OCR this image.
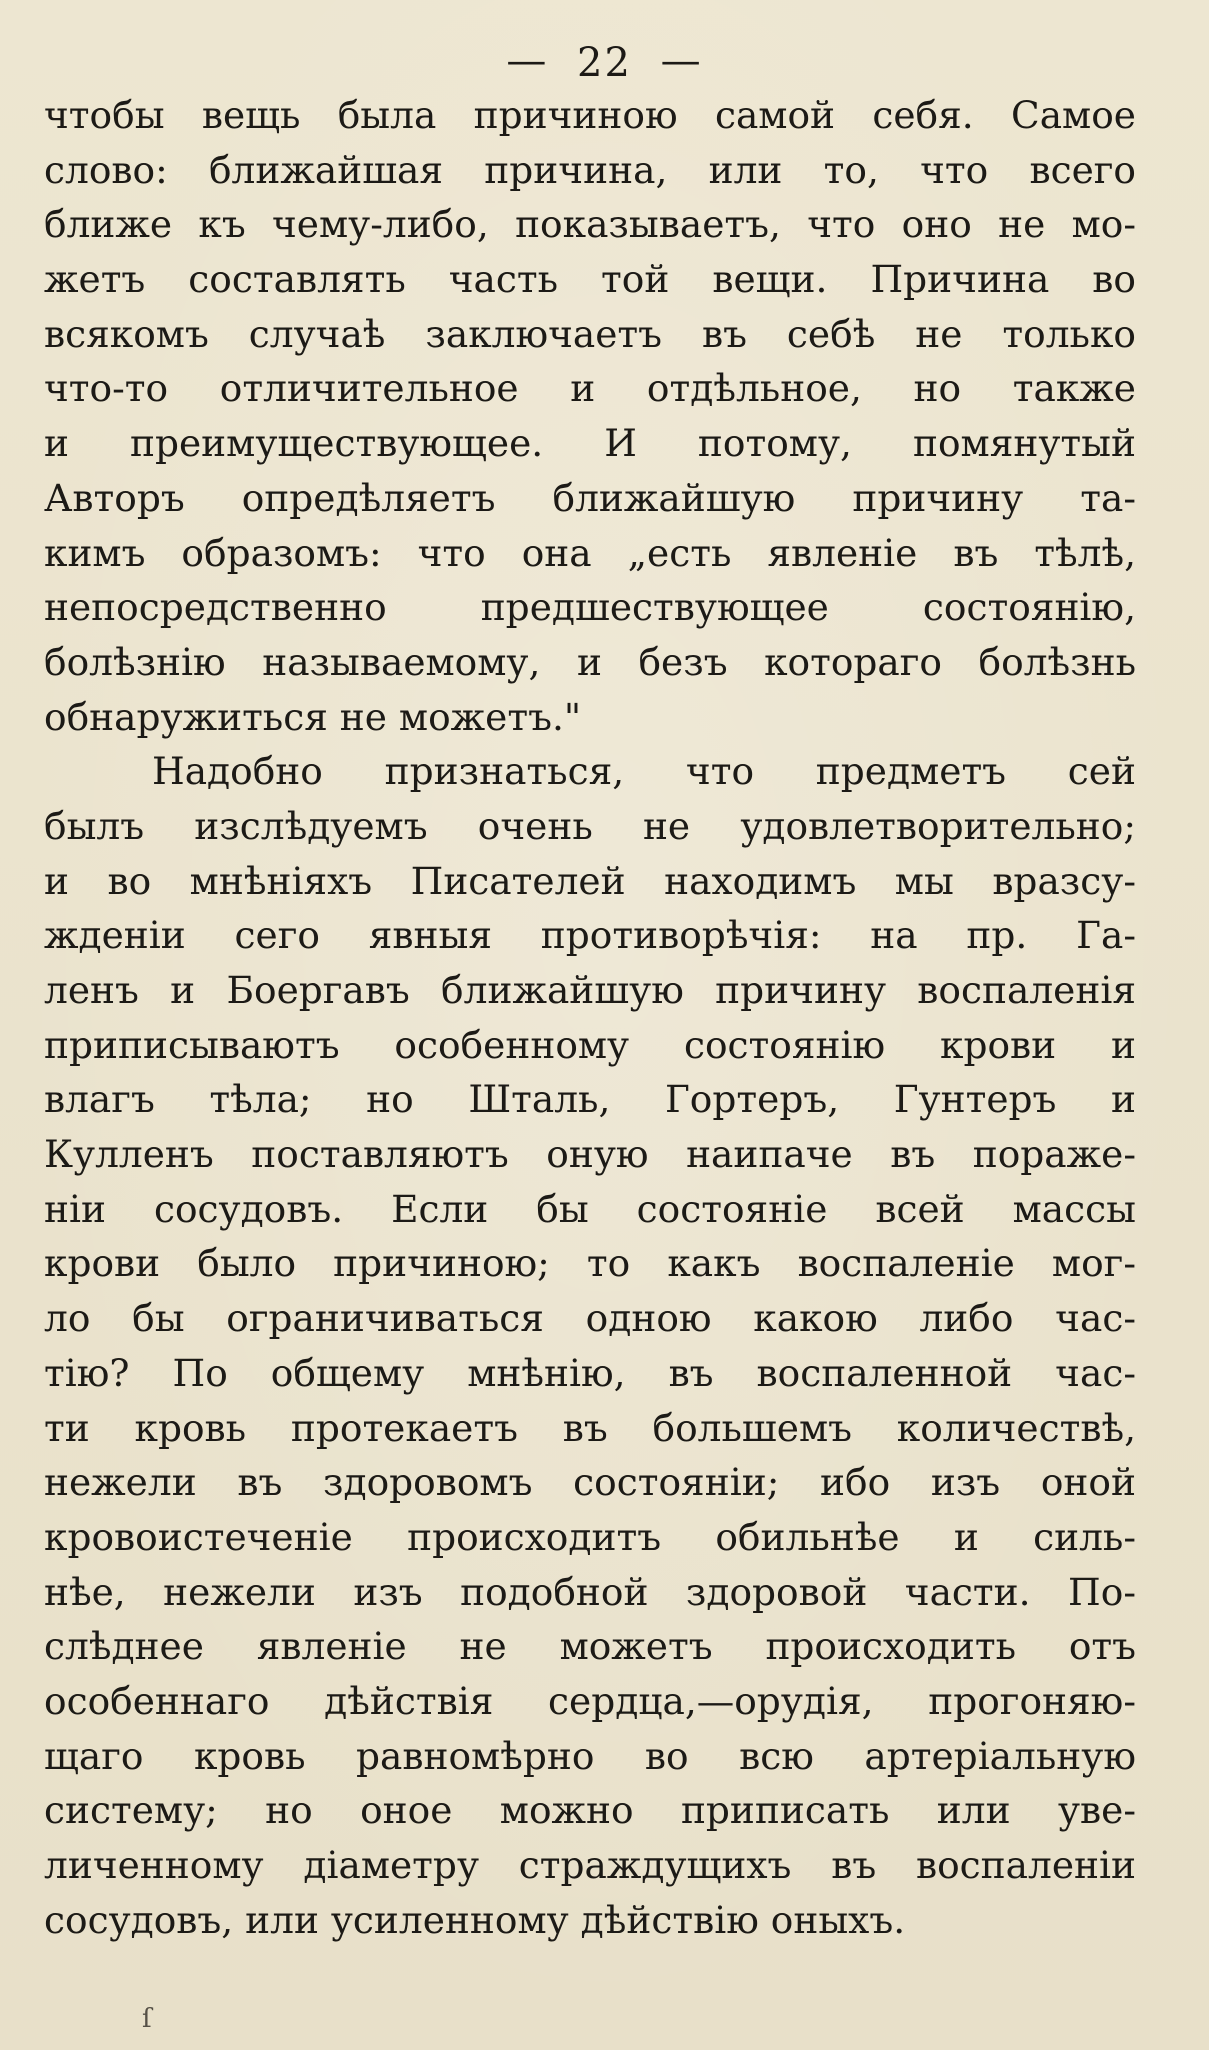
— 22 —
чтобы вещь была причиною самой себя. Самое
слово: ближайшая причина, или то, что всего
ближе къ чему-либо, показываетъ, что оно не мо-
жетъ составлять часть той вещи. Причина во
всякомъ случаѣ заключаетъ въ себѣ не только
что-то отличительное и отдѣльное, но также
и преимуществующее. И потому, помянутый
Авторъ опредѣляетъ ближайшую причину та-
кимъ образомъ: что она „есть явленіе въ тѣлѣ,
непосредственно предшествующее состоянію,
болѣзнію называемому, и безъ котораго болѣзнь
обнаружиться не можетъ."
Надобно признаться, что предметъ сей
былъ изслѣдуемъ очень не удовлетворительно;
и во мнѣніяхъ Писателей находимъ мы вразсу-
жденіи сего явныя противорѣчія: на пр. Га-
ленъ и Боергавъ ближайшую причину воспаленія
приписываютъ особенному состоянію крови и
влагъ тѣла; но Шталь, Гортеръ, Гунтеръ и
Кулленъ поставляютъ оную наипаче въ пораже-
ніи сосудовъ. Если бы состояніе всей массы
крови было причиною; то какъ воспаленіе мог-
ло бы ограничиваться одною какою либо час-
тію? По общему мнѣнію, въ воспаленной час-
ти кровь протекаетъ въ большемъ количествѣ,
нежели въ здоровомъ состояніи; ибо изъ оной
кровоистеченіе происходитъ обильнѣе и силь-
нѣе, нежели изъ подобной здоровой части. По-
слѣднее явленіе не можетъ происходить отъ
особеннаго дѣйствія сердца,—орудія, прогоняю-
щаго кровь равномѣрно во всю артеріальную
систему; но оное можно приписать или уве-
личенному діаметру страждущихъ въ воспаленіи
сосудовъ, или усиленному дѣйствію оныхъ.
ſ
